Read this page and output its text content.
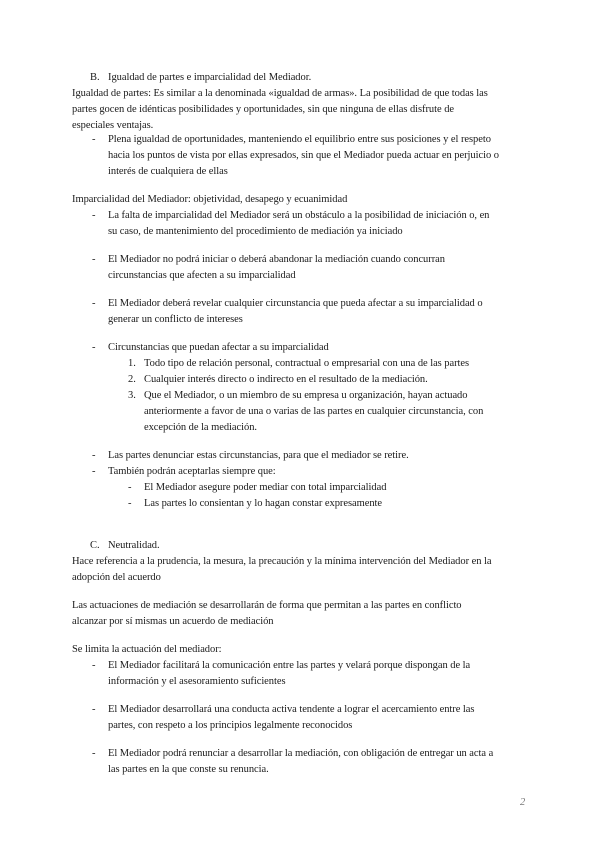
B. Igualdad de partes e imparcialidad del Mediador.
Igualdad de partes: Es similar a la denominada «igualdad de armas». La posibilidad de que todas las
partes gocen de idénticas posibilidades y oportunidades, sin que ninguna de ellas disfrute de
especiales ventajas.
- Plena igualdad de oportunidades, manteniendo el equilibrio entre sus posiciones y el respeto
hacia los puntos de vista por ellas expresados, sin que el Mediador pueda actuar en perjuicio o
interés de cualquiera de ellas
Imparcialidad del Mediador: objetividad, desapego y ecuanimidad
- La falta de imparcialidad del Mediador será un obstáculo a la posibilidad de iniciación o, en
su caso, de mantenimiento del procedimiento de mediación ya iniciado
- El Mediador no podrá iniciar o deberá abandonar la mediación cuando concurran
circunstancias que afecten a su imparcialidad
- El Mediador deberá revelar cualquier circunstancia que pueda afectar a su imparcialidad o
generar un conflicto de intereses
- Circunstancias que puedan afectar a su imparcialidad
1. Todo tipo de relación personal, contractual o empresarial con una de las partes
2. Cualquier interés directo o indirecto en el resultado de la mediación.
3. Que el Mediador, o un miembro de su empresa u organización, hayan actuado
anteriormente a favor de una o varias de las partes en cualquier circunstancia, con
excepción de la mediación.
- Las partes denunciar estas circunstancias, para que el mediador se retire.
- También podrán aceptarlas siempre que:
- El Mediador asegure poder mediar con total imparcialidad
- Las partes lo consientan y lo hagan constar expresamente
C. Neutralidad.
Hace referencia a la prudencia, la mesura, la precaución y la mínima intervención del Mediador en la
adopción del acuerdo
Las actuaciones de mediación se desarrollarán de forma que permitan a las partes en conflicto
alcanzar por sí mismas un acuerdo de mediación
Se limita la actuación del mediador:
- El Mediador facilitará la comunicación entre las partes y velará porque dispongan de la
información y el asesoramiento suficientes
- El Mediador desarrollará una conducta activa tendente a lograr el acercamiento entre las
partes, con respeto a los principios legalmente reconocidos
- El Mediador podrá renunciar a desarrollar la mediación, con obligación de entregar un acta a
las partes en la que conste su renuncia.
2
